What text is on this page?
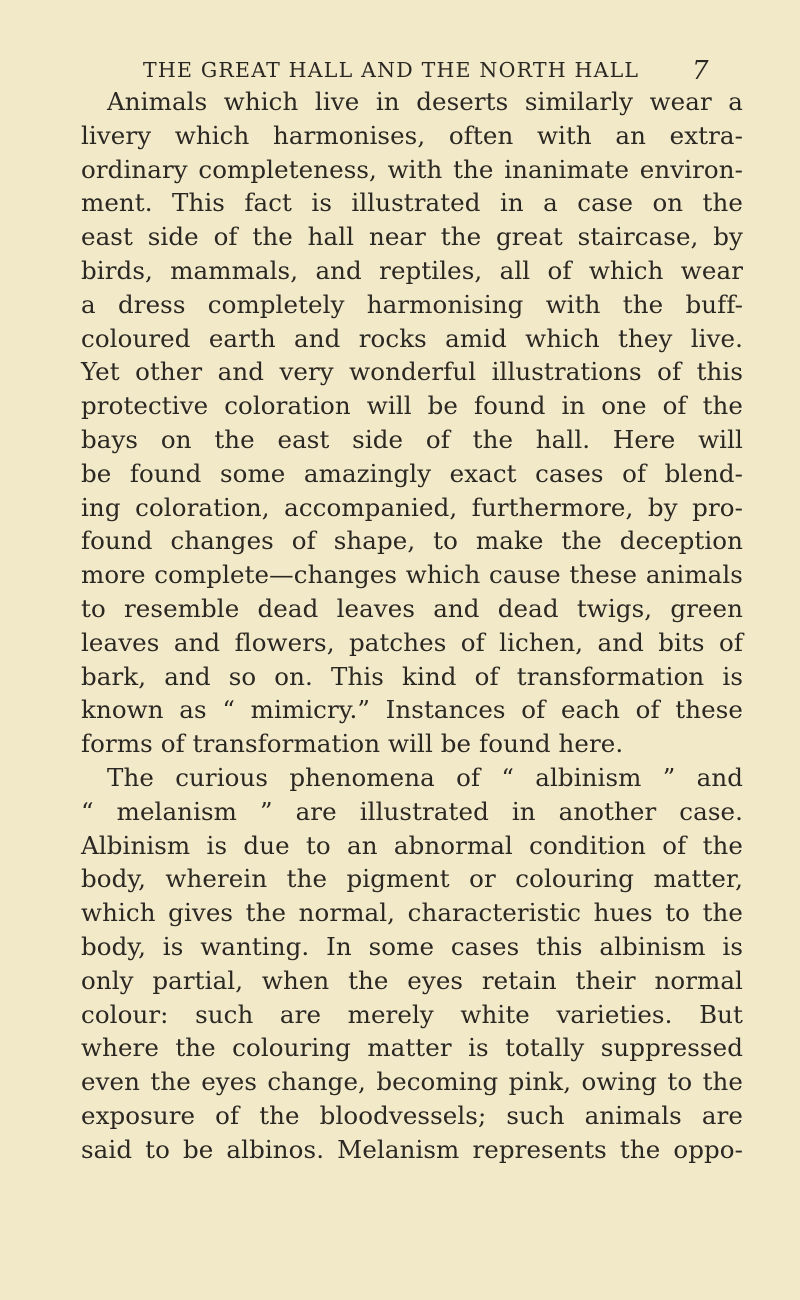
THE GREAT HALL AND THE NORTH HALL	7
Animals which live in deserts similarly wear a
livery which harmonises, often with an extra-
ordinary completeness, with the inanimate environ-
ment. This fact is illustrated in a case on the
east side of the hall near the great staircase, by
birds, mammals, and reptiles, all of which wear
a dress completely harmonising with the buff-
coloured earth and rocks amid which they live.
Yet other and very wonderful illustrations of this
protective coloration will be found in one of the
bays on the east side of the hall. Here will
be found some amazingly exact cases of blend-
ing coloration, accompanied, furthermore, by pro-
found changes of shape, to make the deception
more complete—changes which cause these animals
to resemble dead leaves and dead twigs, green
leaves and flowers, patches of lichen, and bits of
bark, and so on. This kind of transformation is
known as “ mimicry.” Instances of each of these
forms of transformation will be found here.
The curious phenomena of “ albinism ” and
“ melanism ” are illustrated in another case.
Albinism is due to an abnormal condition of the
body, wherein the pigment or colouring matter,
which gives the normal, characteristic hues to the
body, is wanting. In some cases this albinism is
only partial, when the eyes retain their normal
colour: such are merely white varieties. But
where the colouring matter is totally suppressed
even the eyes change, becoming pink, owing to the
exposure of the bloodvessels; such animals are
said to be albinos. Melanism represents the oppo-
